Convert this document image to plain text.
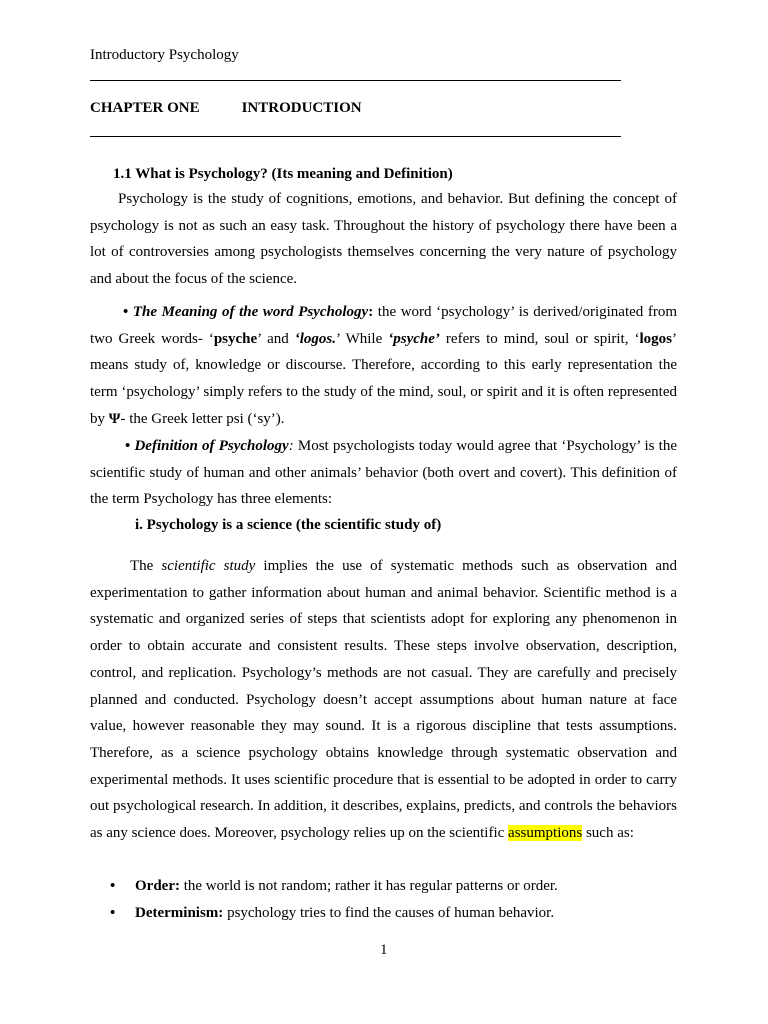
Introductory Psychology
CHAPTER ONE	INTRODUCTION
1.1 What is Psychology? (Its meaning and Definition)
Psychology is the study of cognitions, emotions, and behavior. But defining the concept of psychology is not as such an easy task. Throughout the history of psychology there have been a lot of controversies among psychologists themselves concerning the very nature of psychology and about the focus of the science.
• The Meaning of the word Psychology: the word ‘psychology’ is derived/originated from two Greek words- ‘psyche’ and ‘logos.’ While ‘psyche’ refers to mind, soul or spirit, ‘logos’ means study of, knowledge or discourse. Therefore, according to this early representation the term ‘psychology’ simply refers to the study of the mind, soul, or spirit and it is often represented by Ψ- the Greek letter psi (‘sy’).
• Definition of Psychology: Most psychologists today would agree that ‘Psychology’ is the scientific study of human and other animals’ behavior (both overt and covert). This definition of the term Psychology has three elements:
i. Psychology is a science (the scientific study of)
The scientific study implies the use of systematic methods such as observation and experimentation to gather information about human and animal behavior. Scientific method is a systematic and organized series of steps that scientists adopt for exploring any phenomenon in order to obtain accurate and consistent results. These steps involve observation, description, control, and replication. Psychology’s methods are not casual. They are carefully and precisely planned and conducted. Psychology doesn’t accept assumptions about human nature at face value, however reasonable they may sound. It is a rigorous discipline that tests assumptions. Therefore, as a science psychology obtains knowledge through systematic observation and experimental methods. It uses scientific procedure that is essential to be adopted in order to carry out psychological research. In addition, it describes, explains, predicts, and controls the behaviors as any science does. Moreover, psychology relies up on the scientific assumptions such as:
• Order: the world is not random; rather it has regular patterns or order.
• Determinism: psychology tries to find the causes of human behavior.
1
